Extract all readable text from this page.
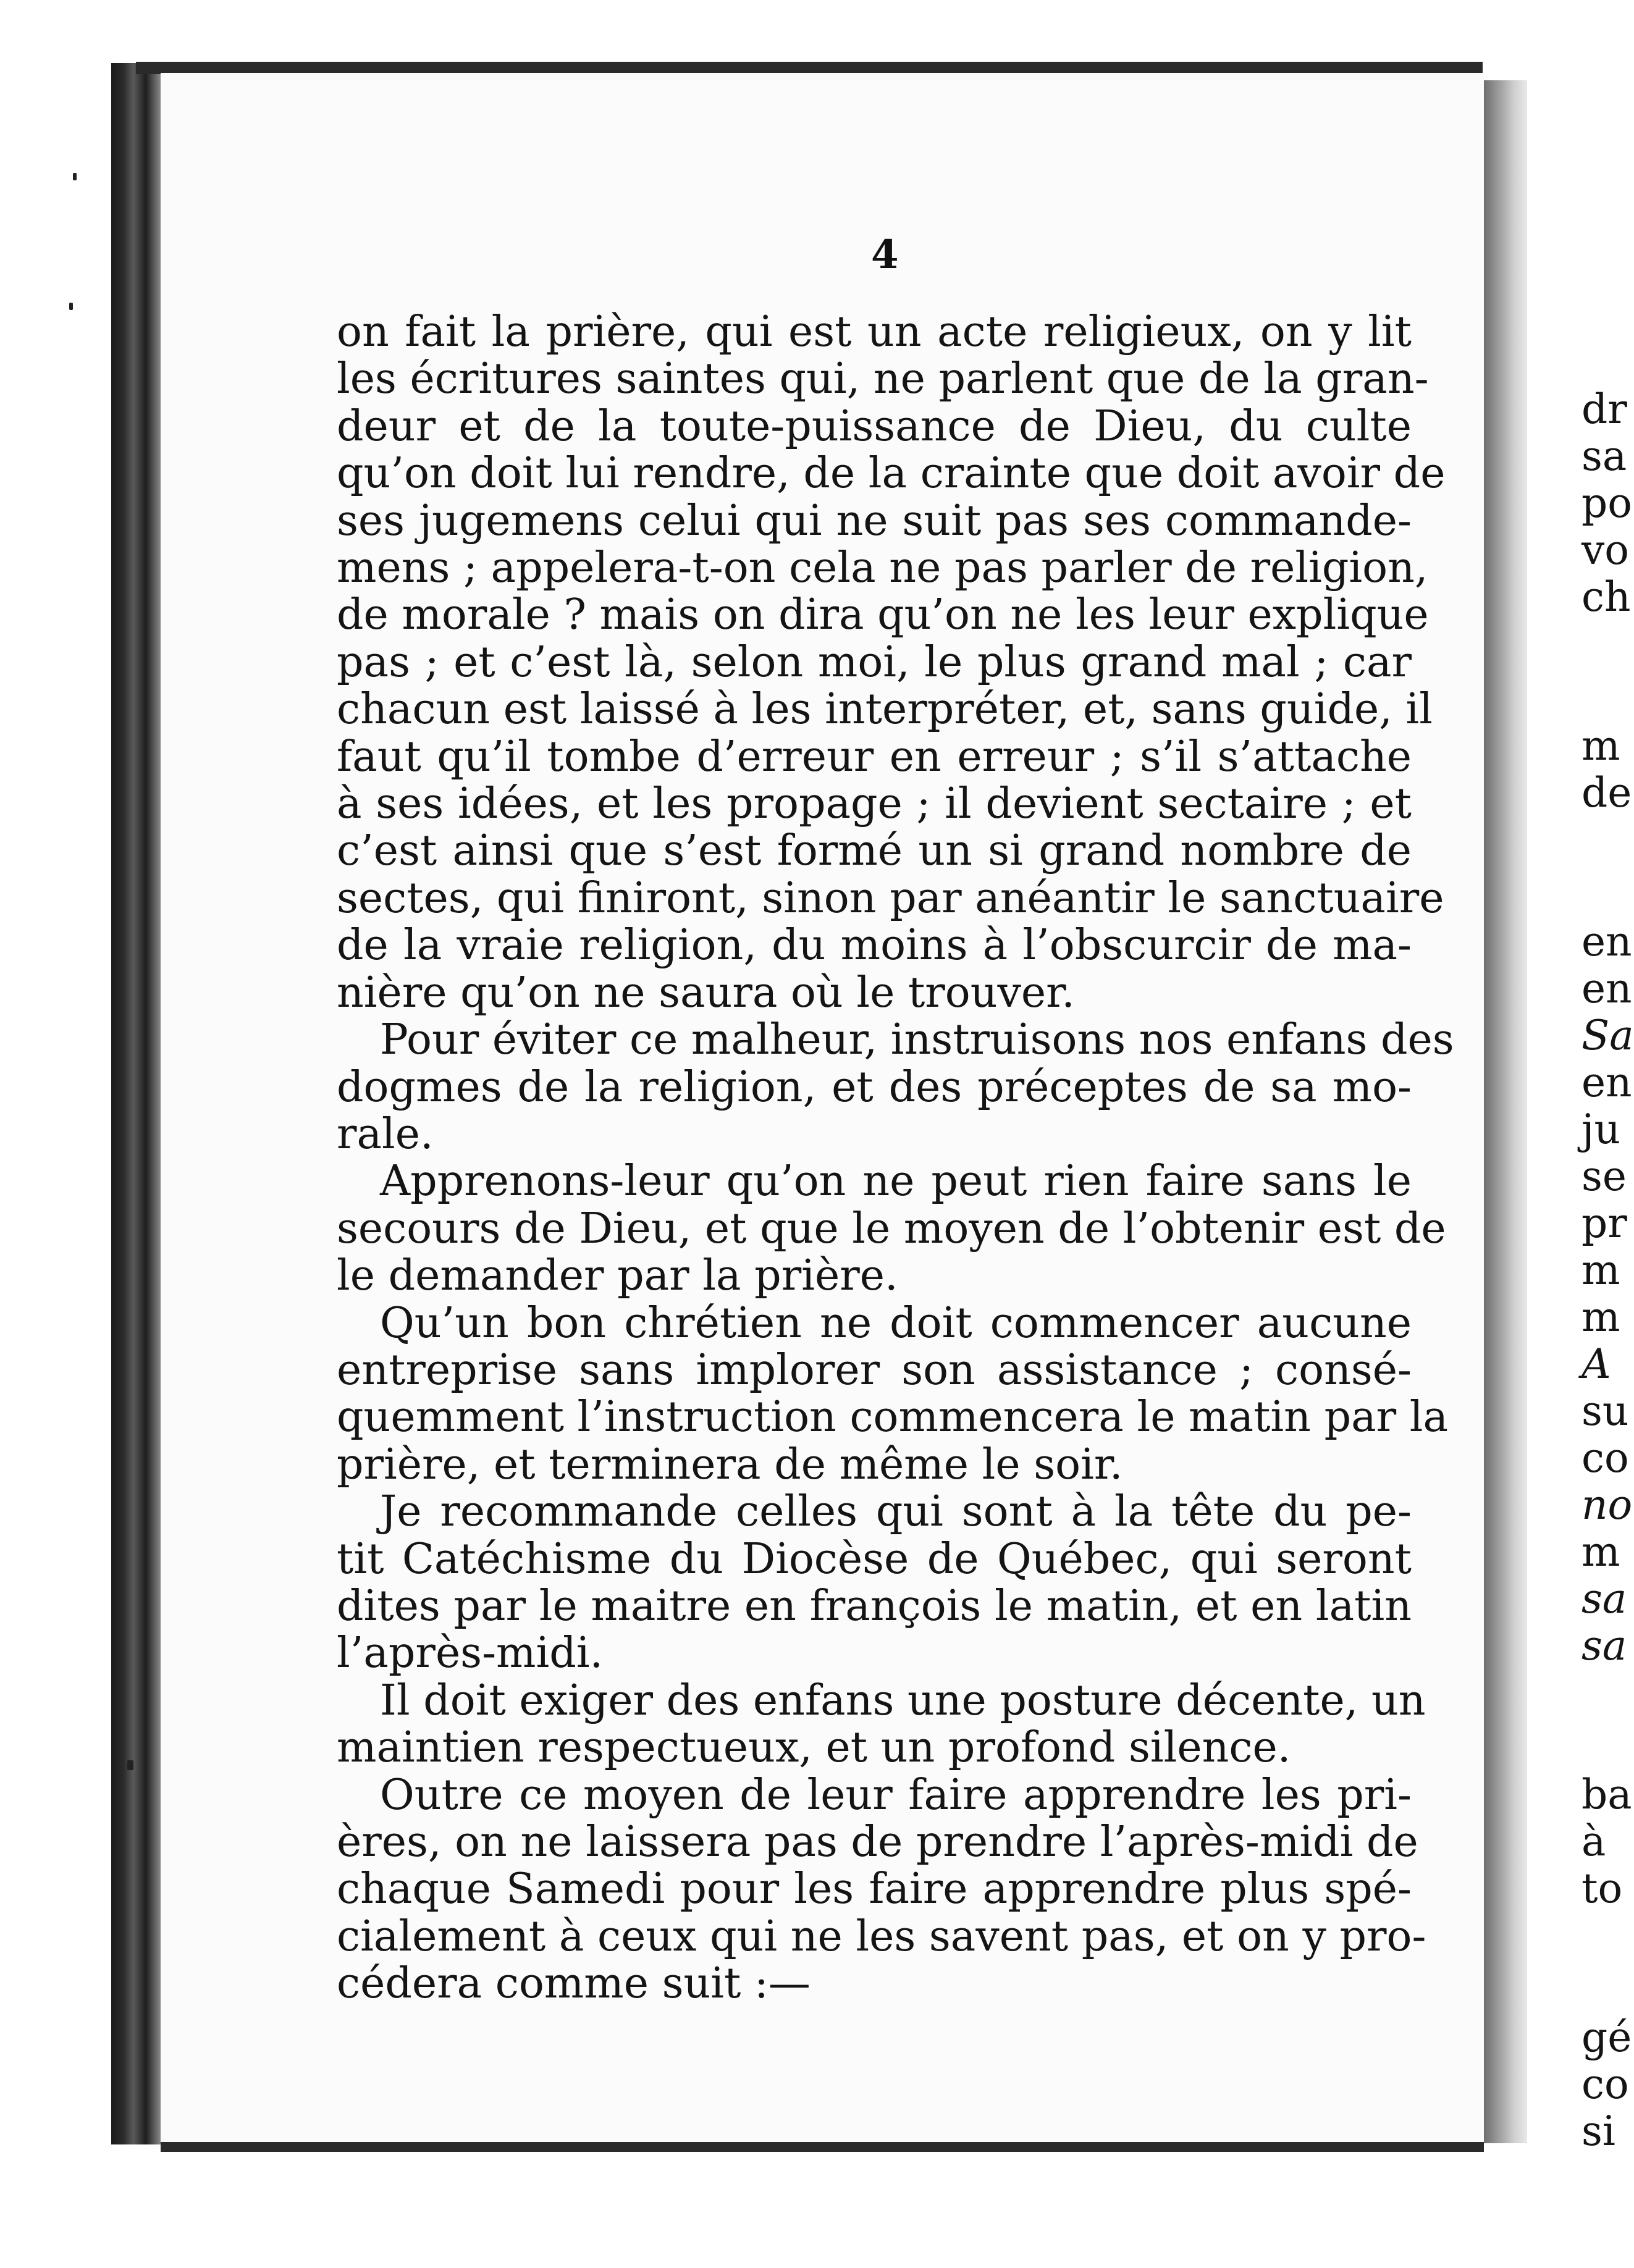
4
on fait la prière, qui est un acte religieux, on y lit
les écritures saintes qui, ne parlent que de la gran-
deur et de la toute-puissance de Dieu, du culte
qu’on doit lui rendre, de la crainte que doit avoir de
ses jugemens celui qui ne suit pas ses commande-
mens ; appelera-t-on cela ne pas parler de religion,
de morale ? mais on dira qu’on ne les leur explique
pas ; et c’est là, selon moi, le plus grand mal ; car
chacun est laissé à les interpréter, et, sans guide, il
faut qu’il tombe d’erreur en erreur ; s’il s’attache
à ses idées, et les propage ; il devient sectaire ; et
c’est ainsi que s’est formé un si grand nombre de
sectes, qui finiront, sinon par anéantir le sanctuaire
de la vraie religion, du moins à l’obscurcir de ma-
nière qu’on ne saura où le trouver.
Pour éviter ce malheur, instruisons nos enfans des
dogmes de la religion, et des préceptes de sa mo-
rale.
Apprenons-leur qu’on ne peut rien faire sans le
secours de Dieu, et que le moyen de l’obtenir est de
le demander par la prière.
Qu’un bon chrétien ne doit commencer aucune
entreprise sans implorer son assistance ; consé-
quemment l’instruction commencera le matin par la
prière, et terminera de même le soir.
Je recommande celles qui sont à la tête du pe-
tit Catéchisme du Diocèse de Québec, qui seront
dites par le maitre en françois le matin, et en latin
l’après-midi.
Il doit exiger des enfans une posture décente, un
maintien respectueux, et un profond silence.
Outre ce moyen de leur faire apprendre les pri-
ères, on ne laissera pas de prendre l’après-midi de
chaque Samedi pour les faire apprendre plus spé-
cialement à ceux qui ne les savent pas, et on y pro-
cédera comme suit :—
dr
sa
po
vo
ch
m
de
en
en
Sa
en
ju
se
pr
m
m
A
su
co
no
m
sa
sa
ba
à
to
gé
co
si
